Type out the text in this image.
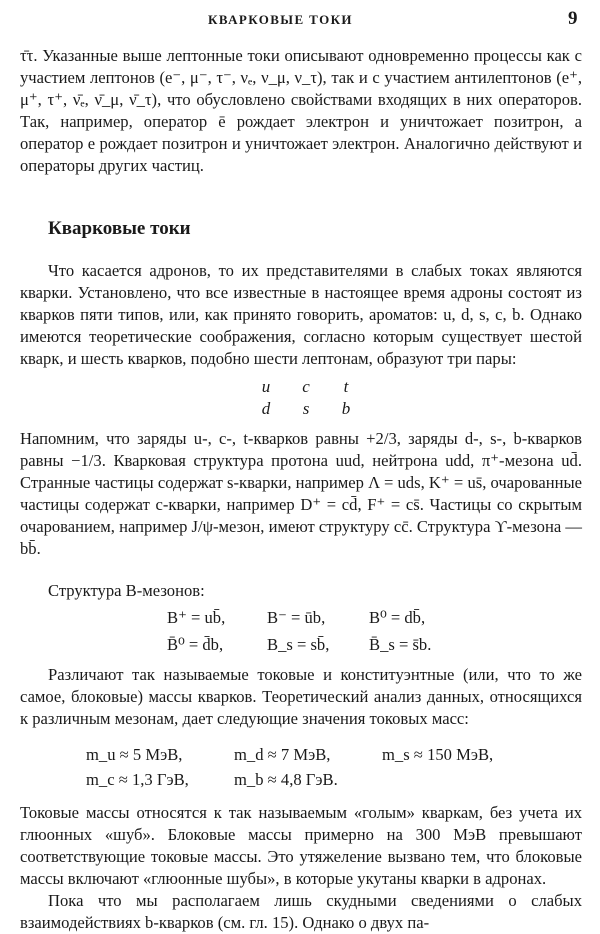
КВАРКОВЫЕ ТОКИ	9

τ̄τ. Указанные выше лептонные токи описывают одновременно процессы как с участием лептонов (e⁻, μ⁻, τ⁻, νₑ, ν_μ, ν_τ), так и с участием антилептонов (e⁺, μ⁺, τ⁺, ν̄ₑ, ν̄_μ, ν̄_τ), что обусловлено свойствами входящих в них операторов. Так, например, оператор ē рождает электрон и уничтожает позитрон, а оператор e рождает позитрон и уничтожает электрон. Аналогично действуют и операторы других частиц.

Кварковые токи

Что касается адронов, то их представителями в слабых токах являются кварки. Установлено, что все известные в настоящее время адроны состоят из кварков пяти типов, или, как принято говорить, ароматов: u, d, s, c, b. Однако имеются теоретические соображения, согласно которым существует шестой кварк, и шесть кварков, подобно шести лептонам, образуют три пары:

u	c	t
d	s	b

Напомним, что заряды u-, c-, t-кварков равны +2/3, заряды d-, s-, b-кварков равны −1/3. Кварковая структура протона uud, нейтрона udd, π⁺-мезона ud̄. Странные частицы содержат s-кварки, например Λ = uds, K⁺ = us̄, очарованные частицы содержат c-кварки, например D⁺ = cd̄, F⁺ = cs̄. Частицы со скрытым очарованием, например J/ψ-мезон, имеют структуру cc̄. Структура ϒ-мезона — bb̄.

Структура B-мезонов:

B⁺ = ub̄,	B⁻ = ūb,	B⁰ = db̄,
B̄⁰ = d̄b,	B_s = sb̄,	B̄_s = s̄b.

Различают так называемые токовые и конституэнтные (или, что то же самое, блоковые) массы кварков. Теоретический анализ данных, относящихся к различным мезонам, дает следующие значения токовых масс:

m_u ≈ 5 МэВ,	m_d ≈ 7 МэВ,	m_s ≈ 150 МэВ,
m_c ≈ 1,3 ГэВ,	m_b ≈ 4,8 ГэВ.

Токовые массы относятся к так называемым «голым» кваркам, без учета их глюонных «шуб». Блоковые массы примерно на 300 МэВ превышают соответствующие токовые массы. Это утяжеление вызвано тем, что блоковые массы включают «глюонные шубы», в которые укутаны кварки в адронах.

Пока что мы располагаем лишь скудными сведениями о слабых взаимодействиях b-кварков (см. гл. 15). Однако о двух па-
